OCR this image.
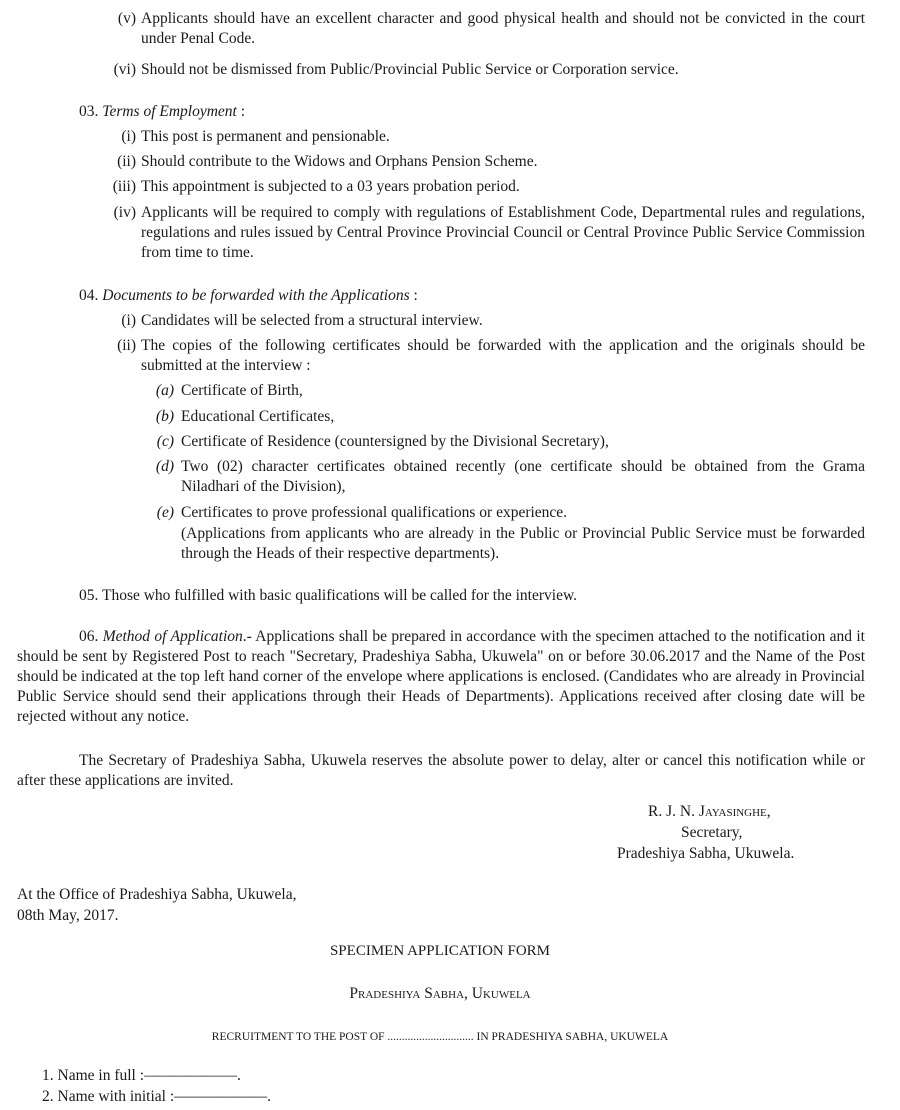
(v) Applicants should have an excellent character and good physical health and should not be convicted in the court under Penal Code.
(vi) Should not be dismissed from Public/Provincial Public Service or Corporation service.
03. Terms of Employment :
(i) This post is permanent and pensionable.
(ii) Should contribute to the Widows and Orphans Pension Scheme.
(iii) This appointment is subjected to a 03 years probation period.
(iv) Applicants will be required to comply with regulations of Establishment Code, Departmental rules and regulations, regulations and rules issued by Central Province Provincial Council or Central Province Public Service Commission from time to time.
04. Documents to be forwarded with the Applications :
(i) Candidates will be selected from a structural interview.
(ii) The copies of the following certificates should be forwarded with the application and the originals should be submitted at the interview :
(a) Certificate of Birth,
(b) Educational Certificates,
(c) Certificate of Residence (countersigned by the Divisional Secretary),
(d) Two (02) character certificates obtained recently (one certificate should be obtained from the Grama Niladhari of the Division),
(e) Certificates to prove professional qualifications or experience.
(Applications from applicants who are already in the Public or Provincial Public Service must be forwarded through the Heads of their respective departments).
05. Those who fulfilled with basic qualifications will be called for the interview.
06. Method of Application.- Applications shall be prepared in accordance with the specimen attached to the notification and it should be sent by Registered Post to reach "Secretary, Pradeshiya Sabha, Ukuwela" on or before 30.06.2017 and the Name of the Post should be indicated at the top left hand corner of the envelope where applications is enclosed. (Candidates who are already in Provincial Public Service should send their applications through their Heads of Departments). Applications received after closing date will be rejected without any notice.
The Secretary of Pradeshiya Sabha, Ukuwela reserves the absolute power to delay, alter or cancel this notification while or after these applications are invited.
R. J. N. Jayasinghe,
Secretary,
Pradeshiya Sabha, Ukuwela.
At the Office of Pradeshiya Sabha, Ukuwela,
08th May, 2017.
SPECIMEN APPLICATION FORM
Pradeshiya Sabha, Ukuwela
RECRUITMENT TO THE POST OF .............................. IN PRADESHIYA SABHA, UKUWELA
1. Name in full :——————.
2. Name with initial :——————.
